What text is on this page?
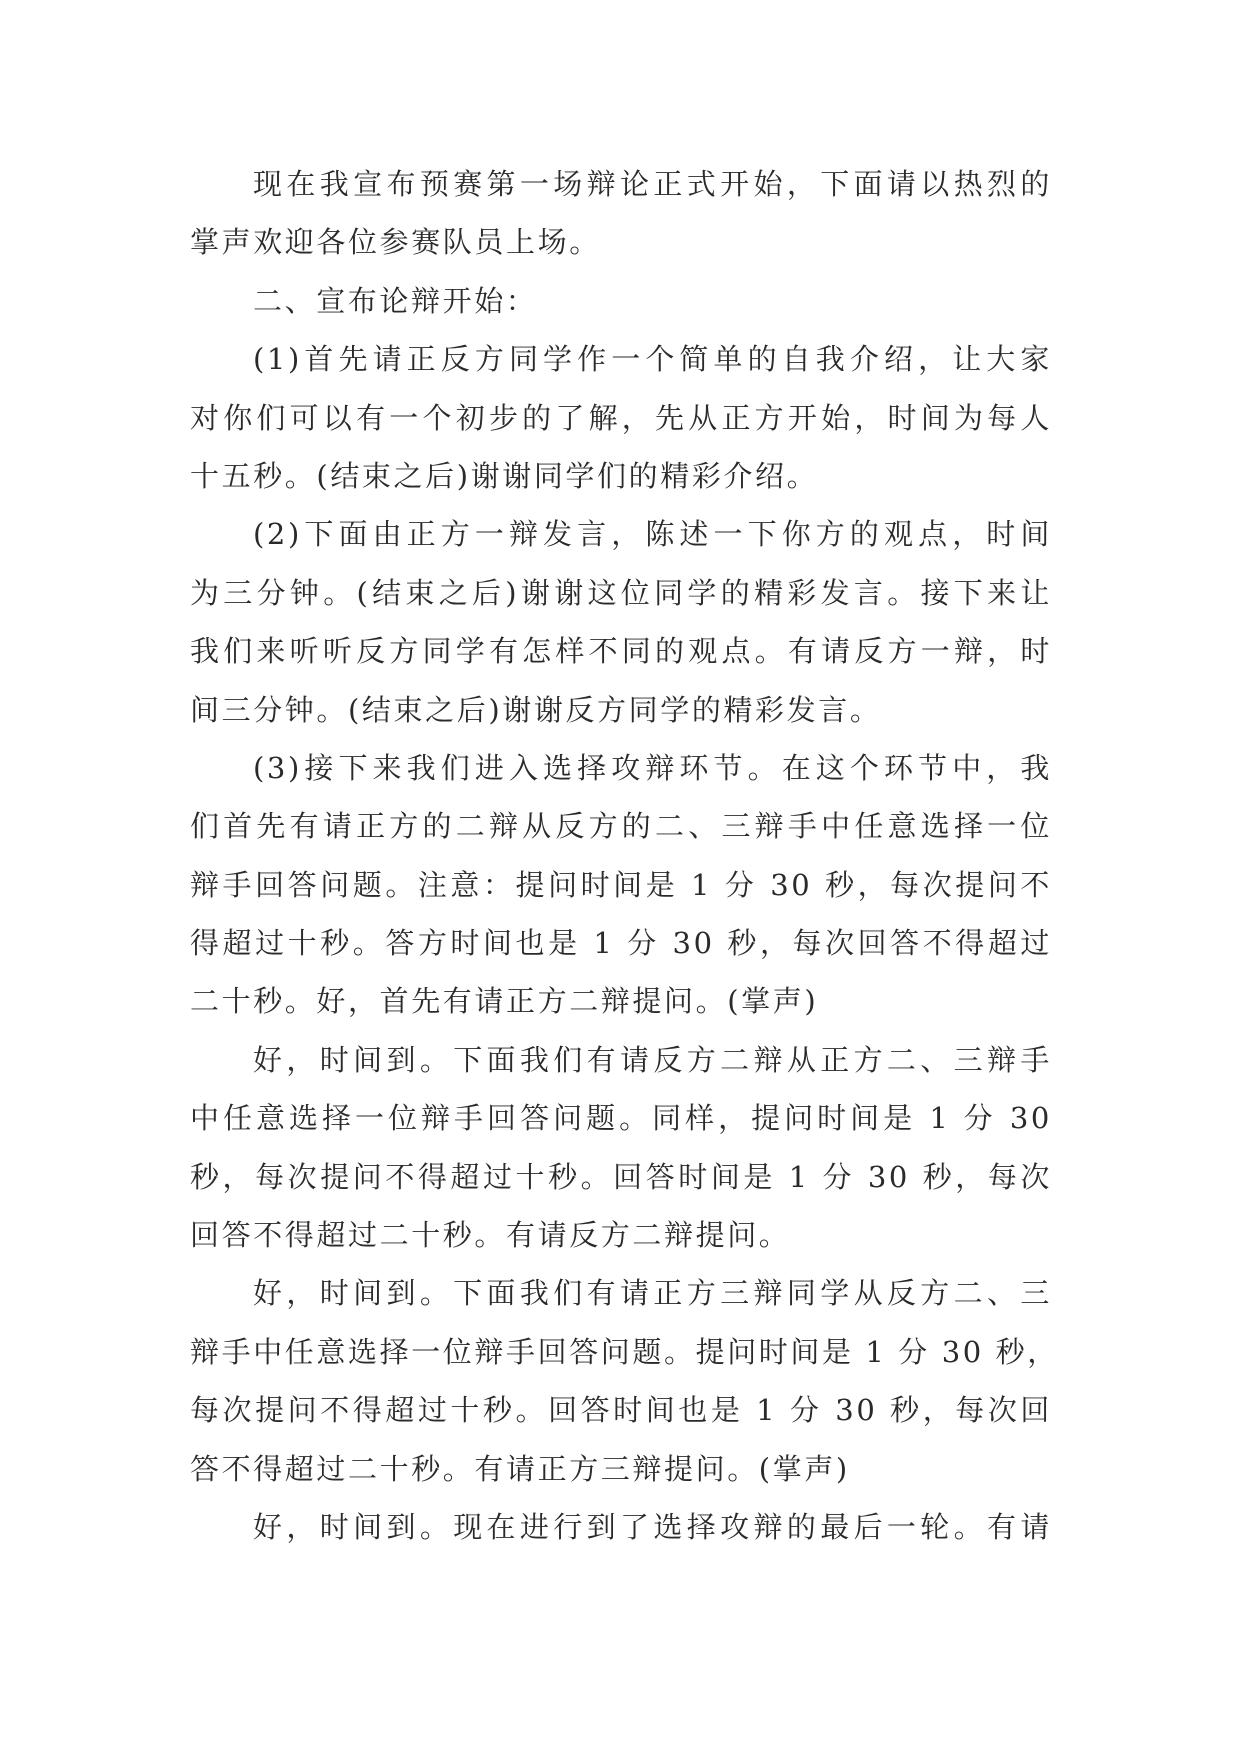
现在我宣布预赛第一场辩论正式开始，下面请以热烈的
掌声欢迎各位参赛队员上场。
二、宣布论辩开始：
(1)首先请正反方同学作一个简单的自我介绍，让大家
对你们可以有一个初步的了解，先从正方开始，时间为每人
十五秒。(结束之后)谢谢同学们的精彩介绍。
(2)下面由正方一辩发言，陈述一下你方的观点，时间
为三分钟。(结束之后)谢谢这位同学的精彩发言。接下来让
我们来听听反方同学有怎样不同的观点。有请反方一辩，时
间三分钟。(结束之后)谢谢反方同学的精彩发言。
(3)接下来我们进入选择攻辩环节。在这个环节中，我
们首先有请正方的二辩从反方的二、三辩手中任意选择一位
辩手回答问题。注意：提问时间是 1 分 30 秒，每次提问不
得超过十秒。答方时间也是 1 分 30 秒，每次回答不得超过
二十秒。好，首先有请正方二辩提问。(掌声)
好，时间到。下面我们有请反方二辩从正方二、三辩手
中任意选择一位辩手回答问题。同样，提问时间是 1 分 30
秒，每次提问不得超过十秒。回答时间是 1 分 30 秒，每次
回答不得超过二十秒。有请反方二辩提问。
好，时间到。下面我们有请正方三辩同学从反方二、三
辩手中任意选择一位辩手回答问题。提问时间是 1 分 30 秒，
每次提问不得超过十秒。回答时间也是 1 分 30 秒，每次回
答不得超过二十秒。有请正方三辩提问。(掌声)
好，时间到。现在进行到了选择攻辩的最后一轮。有请
